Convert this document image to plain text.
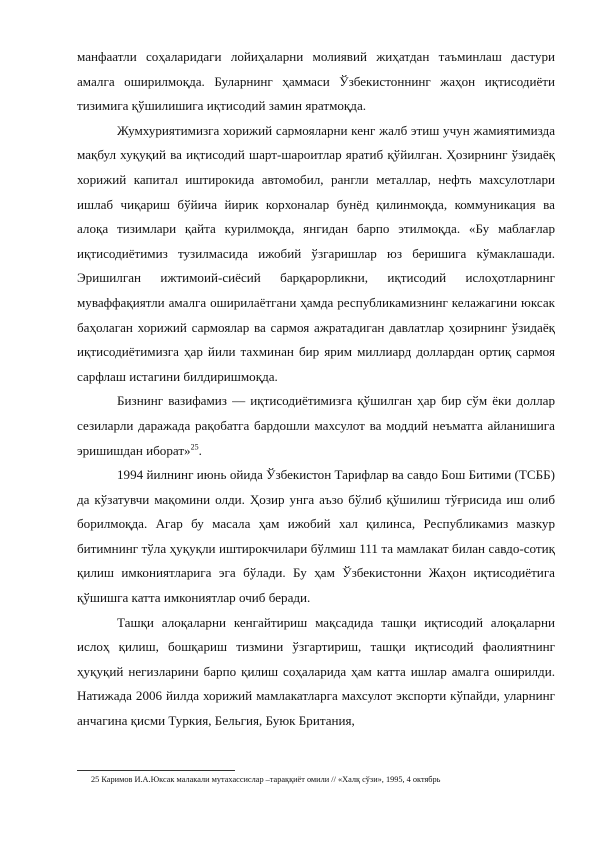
манфаатли соҳаларидаги лойиҳаларни молиявий жиҳатдан таъминлаш дастури амалга оширилмоқда. Буларнинг ҳаммаси Ўзбекистоннинг жаҳон иқтисодиёти тизимига қўшилишига иқтисодий замин яратмоқда.

Жумхуриятимизга хорижий сармояларни кенг жалб этиш учун жамиятимизда мақбул хуқуқий ва иқтисодий шарт-шароитлар яратиб қўйилган. Ҳозирнинг ўзидаёқ хорижий капитал иштирокида автомобил, рангли металлар, нефть махсулотлари ишлаб чиқариш бўйича йирик корхоналар бунёд қилинмоқда, коммуникация ва алоқа тизимлари қайта курилмоқда, янгидан барпо этилмоқда. «Бу маблағлар иқтисодиётимиз тузилмасида ижобий ўзгаришлар юз беришига кўмаклашади. Эришилган ижтимоий-сиёсий барқарорликни, иқтисодий ислоҳотларнинг муваффақиятли амалга оширилаётгани ҳамда республикамизнинг келажагини юксак баҳолаган хорижий сармоялар ва сармоя ажратадиган давлатлар ҳозирнинг ўзидаёқ иқтисодиётимизга ҳар йили тахминан бир ярим миллиард доллардан ортиқ сармоя сарфлаш истагини билдиришмоқда.

Бизнинг вазифамиз — иқтисодиётимизга қўшилган ҳар бир сўм ёки доллар сезиларли даражада рақобатга бардошли махсулот ва моддий неъматга айланишига эришишдан иборат»$^{25}$.

1994 йилнинг июнь ойида Ўзбекистон Тарифлар ва савдо Бош Битими (ТСББ) да кўзатувчи мақомини олди. Ҳозир унга аъзо бўлиб қўшилиш тўғрисида иш олиб борилмоқда. Агар бу масала ҳам ижобий хал қилинса, Республикамиз мазкур битимнинг тўла ҳуқуқли иштирокчилари бўлмиш 111 та мамлакат билан савдо-сотиқ қилиш имкониятларига эга бўлади. Бу ҳам Ўзбекистонни Жаҳон иқтисодиётига қўшишга катта имкониятлар очиб беради.

Ташқи алоқаларни кенгайтириш мақсадида ташқи иқтисодий алоқаларни ислоҳ қилиш, бошқариш тизмини ўзгартириш, ташқи иқтисодий фаолиятнинг ҳуқуқий негизларини барпо қилиш соҳаларида ҳам катта ишлар амалга оширилди. Натижада 2006 йилда хорижий мамлакатларга махсулот экспорти кўпайди, уларнинг анчагина қисми Туркия, Бельгия, Буюк Британия,

25 Каримов И.А.Юксак малакали мутахассислар –тараққиёт омили // «Халқ сўзи», 1995, 4 октябрь
